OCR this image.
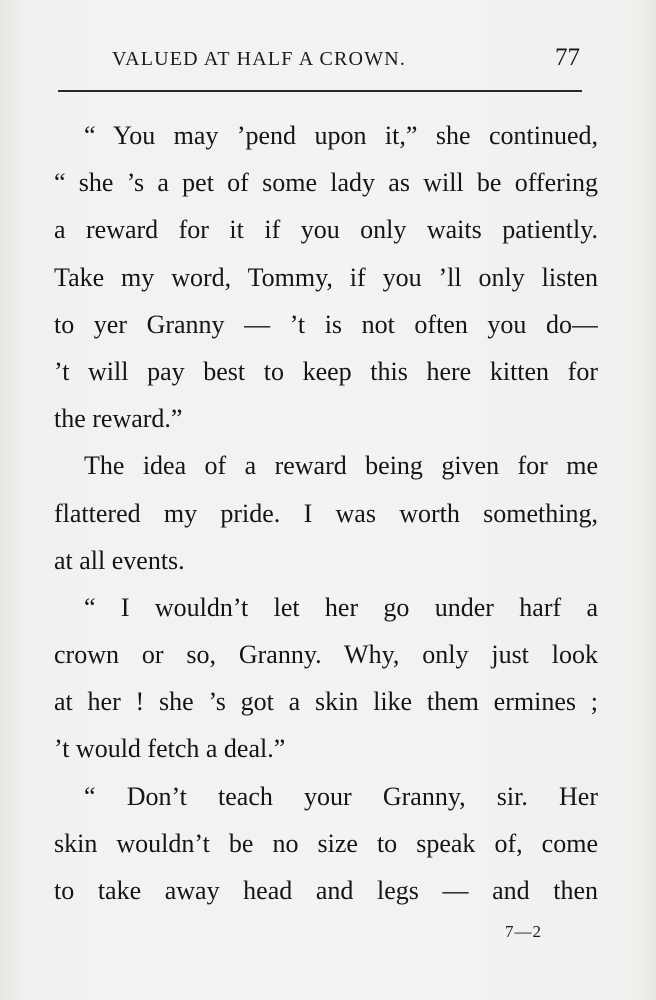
VALUED AT HALF A CROWN.	77
“ You may ’pend upon it,” she continued,
“ she ’s a pet of some lady as will be offering
a reward for it if you only waits patiently.
Take my word, Tommy, if you ’ll only listen
to yer Granny — ’t is not often you do—
’t will pay best to keep this here kitten for
the reward.”
The idea of a reward being given for me
flattered my pride. I was worth something,
at all events.
“ I wouldn’t let her go under harf a
crown or so, Granny. Why, only just look
at her ! she ’s got a skin like them ermines ;
’t would fetch a deal.”
“ Don’t teach your Granny, sir. Her
skin wouldn’t be no size to speak of, come
to take away head and legs — and then
7—2
